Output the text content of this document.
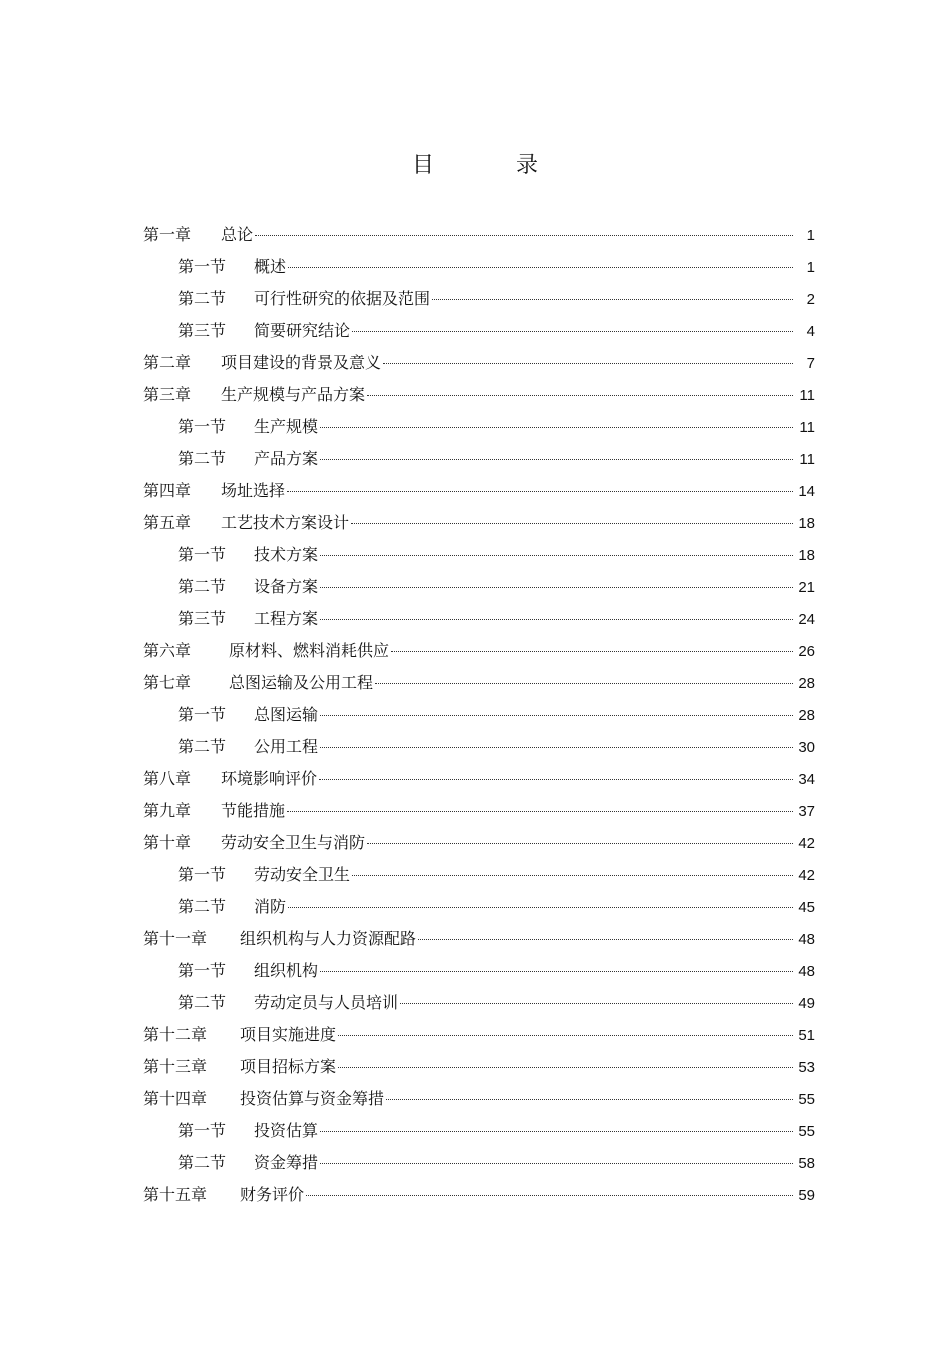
目　录
第一章	总论	1
第一节	概述	1
第二节	可行性研究的依据及范围	2
第三节	简要研究结论	4
第二章	项目建设的背景及意义	7
第三章	生产规模与产品方案	11
第一节	生产规模	11
第二节	产品方案	11
第四章	场址选择	14
第五章	工艺技术方案设计	18
第一节	技术方案	18
第二节	设备方案	21
第三节	工程方案	24
第六章	原材料、燃料消耗供应	26
第七章	总图运输及公用工程	28
第一节	总图运输	28
第二节	公用工程	30
第八章	环境影响评价	34
第九章	节能措施	37
第十章	劳动安全卫生与消防	42
第一节	劳动安全卫生	42
第二节	消防	45
第十一章	组织机构与人力资源配路	48
第一节	组织机构	48
第二节	劳动定员与人员培训	49
第十二章	项目实施进度	51
第十三章	项目招标方案	53
第十四章	投资估算与资金筹措	55
第一节	投资估算	55
第二节	资金筹措	58
第十五章	财务评价	59
